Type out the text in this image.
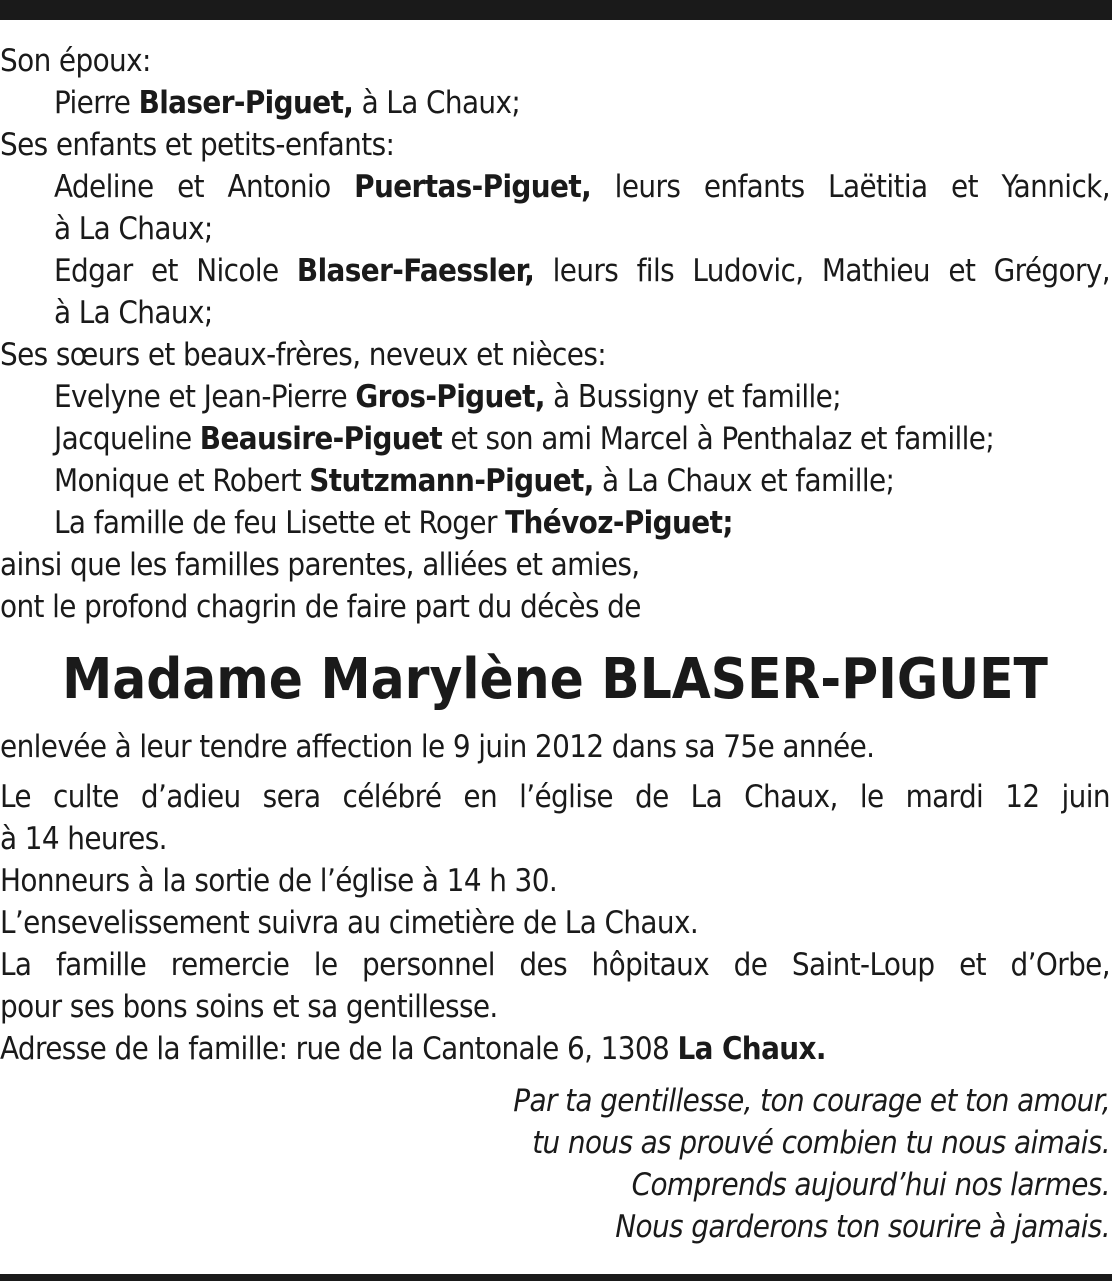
Son époux:
Pierre Blaser-Piguet, à La Chaux;
Ses enfants et petits-enfants:
Adeline et Antonio Puertas-Piguet, leurs enfants Laëtitia et Yannick,
à La Chaux;
Edgar et Nicole Blaser-Faessler, leurs fils Ludovic, Mathieu et Grégory,
à La Chaux;
Ses sœurs et beaux-frères, neveux et nièces:
Evelyne et Jean-Pierre Gros-Piguet, à Bussigny et famille;
Jacqueline Beausire-Piguet et son ami Marcel à Penthalaz et famille;
Monique et Robert Stutzmann-Piguet, à La Chaux et famille;
La famille de feu Lisette et Roger Thévoz-Piguet;
ainsi que les familles parentes, alliées et amies,
ont le profond chagrin de faire part du décès de
Madame Marylène BLASER-PIGUET
enlevée à leur tendre affection le 9 juin 2012 dans sa 75e année.
Le culte d’adieu sera célébré en l’église de La Chaux, le mardi 12 juin
à 14 heures.
Honneurs à la sortie de l’église à 14 h 30.
L’ensevelissement suivra au cimetière de La Chaux.
La famille remercie le personnel des hôpitaux de Saint-Loup et d’Orbe,
pour ses bons soins et sa gentillesse.
Adresse de la famille: rue de la Cantonale 6, 1308 La Chaux.
Par ta gentillesse, ton courage et ton amour,
tu nous as prouvé combien tu nous aimais.
Comprends aujourd’hui nos larmes.
Nous garderons ton sourire à jamais.
